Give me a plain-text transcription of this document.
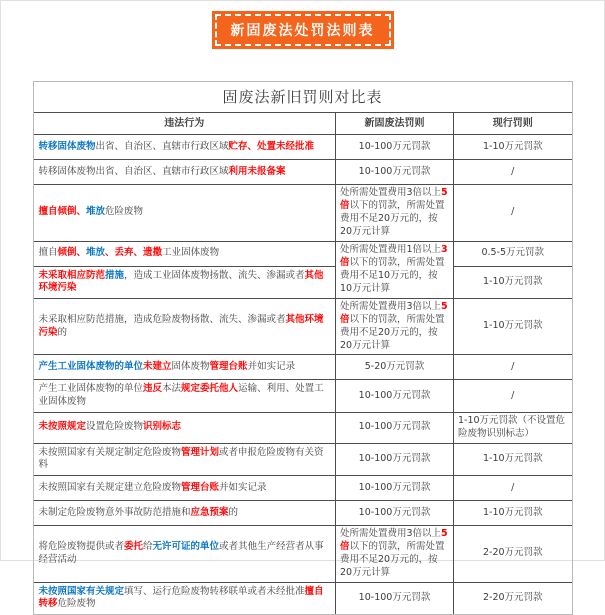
新固废法处罚法则表
固废法新旧罚则对比表		
违法行为	新固废法罚则	现行罚则
转移固体废物出省、自治区、直辖市行政区域贮存、处置未经批准	10-100万元罚款	1-10万元罚款
转移固体废物出省、自治区、直辖市行政区域利用未报备案	10-100万元罚款	/
擅自倾倒、堆放危险废物	处所需处置费用3倍以上5倍以下的罚款，所需处置费用不足20万元的，按20万元计算	/
擅自倾倒、堆放、丢弃、遗撒工业固体废物	处所需处置费用1倍以上3倍以下的罚款，所需处置费用不足10万元的，按10万元计算	0.5-5万元罚款
未采取相应防范措施，造成工业固体废物扬散、流失、渗漏或者其他环境污染		1-10万元罚款
未采取相应防范措施，造成危险废物扬散、流失、渗漏或者其他环境污染的	处所需处置费用3倍以上5倍以下的罚款，所需处置费用不足20万元的，按20万元计算	1-10万元罚款
产生工业固体废物的单位未建立固体废物管理台账并如实记录	5-20万元罚款	/
产生工业固体废物的单位违反本法规定委托他人运输、利用、处置工业固体废物	10-100万元罚款	/
未按照规定设置危险废物识别标志	10-100万元罚款	1-10万元罚款（不设置危险废物识别标志）
未按照国家有关规定制定危险废物管理计划或者申报危险废物有关资料	10-100万元罚款	1-10万元罚款
未按照国家有关规定建立危险废物管理台账并如实记录	10-100万元罚款	/
未制定危险废物意外事故防范措施和应急预案的	10-100万元罚款	1-10万元罚款
将危险废物提供或者委托给无许可证的单位或者其他生产经营者从事经营活动	处所需处置费用3倍以上5倍以下的罚款，所需处置费用不足20万元的，按20万元计算	2-20万元罚款
未按照国家有关规定填写、运行危险废物转移联单或者未经批准擅自转移危险废物	10-100万元罚款	2-20万元罚款
